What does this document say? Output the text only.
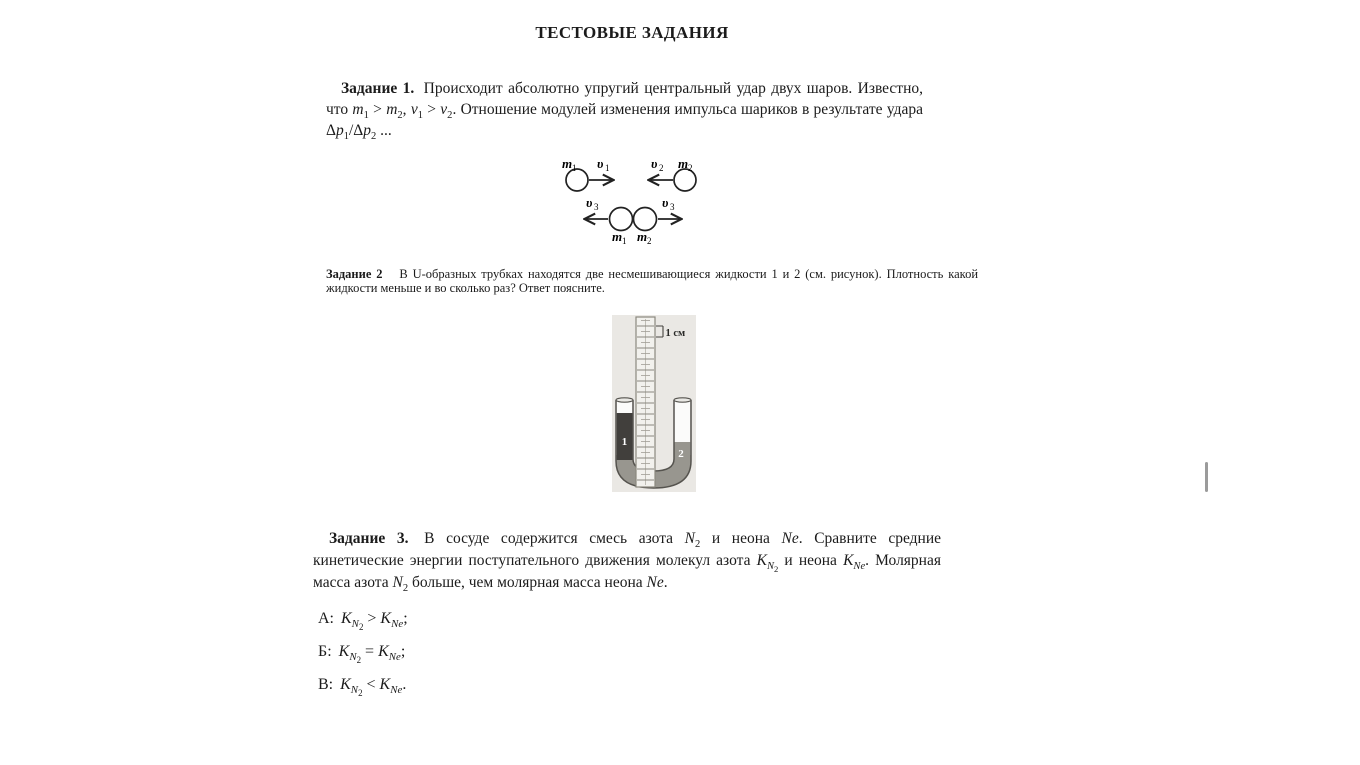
ТЕСТОВЫЕ ЗАДАНИЯ
Задание 1. Происходит абсолютно упругий центральный удар двух шаров. Известно, что $m_1 > m_2$, $v_1 > v_2$. Отношение модулей изменения импульса шариков в результате удара $\Delta p_1/\Delta p_2$ ...
m 1 υ 1	υ 2 m 2
υ 3	υ 3
m 1 m 2
Задание 2 В U-образных трубках находятся две несмешивающиеся жидкости 1 и 2 (см. рисунок). Плотность какой жидкости меньше и во сколько раз? Ответ поясните.
1
2
1 см
Задание 3. В сосуде содержится смесь азота $N_2$ и неона Ne. Сравните средние кинетические энергии поступательного движения молекул азота $K_{N_2}$ и неона $K_{Ne}$. Молярная масса азота $N_2$ больше, чем молярная масса неона Ne.
А: $K_{N_2} > K_{Ne}$;
Б: $K_{N_2} = K_{Ne}$;
В: $K_{N_2} < K_{Ne}$.
